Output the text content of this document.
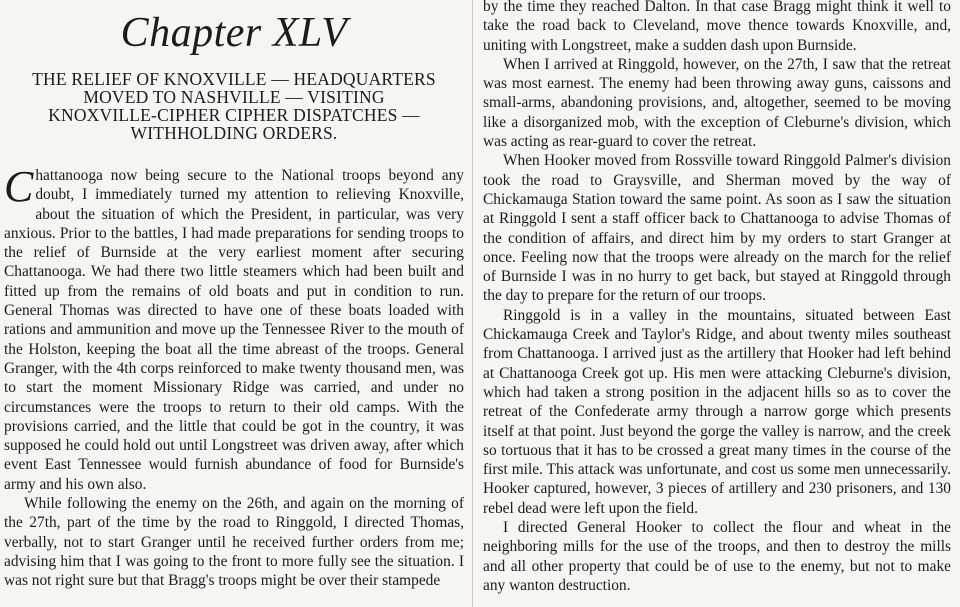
Chapter XLV
THE RELIEF OF KNOXVILLE — HEADQUARTERS
MOVED TO NASHVILLE — VISITING
KNOXVILLE-CIPHER CIPHER DISPATCHES —
WITHHOLDING ORDERS.

Chattanooga now being secure to the National troops beyond any doubt, I immediately turned my attention to relieving Knoxville, about the situation of which the President, in particular, was very anxious. Prior to the battles, I had made preparations for sending troops to the relief of Burnside at the very earliest moment after securing Chattanooga. We had there two little steamers which had been built and fitted up from the remains of old boats and put in condition to run. General Thomas was directed to have one of these boats loaded with rations and ammunition and move up the Tennessee River to the mouth of the Holston, keeping the boat all the time abreast of the troops. General Granger, with the 4th corps reinforced to make twenty thousand men, was to start the moment Missionary Ridge was carried, and under no circumstances were the troops to return to their old camps. With the provisions carried, and the little that could be got in the country, it was supposed he could hold out until Longstreet was driven away, after which event East Tennessee would furnish abundance of food for Burnside's army and his own also.

While following the enemy on the 26th, and again on the morning of the 27th, part of the time by the road to Ringgold, I directed Thomas, verbally, not to start Granger until he received further orders from me; advising him that I was going to the front to more fully see the situation. I was not right sure but that Bragg's troops might be over their stampede

by the time they reached Dalton. In that case Bragg might think it well to take the road back to Cleveland, move thence towards Knoxville, and, uniting with Longstreet, make a sudden dash upon Burnside.

When I arrived at Ringgold, however, on the 27th, I saw that the retreat was most earnest. The enemy had been throwing away guns, caissons and small-arms, abandoning provisions, and, altogether, seemed to be moving like a disorganized mob, with the exception of Cleburne's division, which was acting as rear-guard to cover the retreat.

When Hooker moved from Rossville toward Ringgold Palmer's division took the road to Graysville, and Sherman moved by the way of Chickamauga Station toward the same point. As soon as I saw the situation at Ringgold I sent a staff officer back to Chattanooga to advise Thomas of the condition of affairs, and direct him by my orders to start Granger at once. Feeling now that the troops were already on the march for the relief of Burnside I was in no hurry to get back, but stayed at Ringgold through the day to prepare for the return of our troops.

Ringgold is in a valley in the mountains, situated between East Chickamauga Creek and Taylor's Ridge, and about twenty miles southeast from Chattanooga. I arrived just as the artillery that Hooker had left behind at Chattanooga Creek got up. His men were attacking Cleburne's division, which had taken a strong position in the adjacent hills so as to cover the retreat of the Confederate army through a narrow gorge which presents itself at that point. Just beyond the gorge the valley is narrow, and the creek so tortuous that it has to be crossed a great many times in the course of the first mile. This attack was unfortunate, and cost us some men unnecessarily. Hooker captured, however, 3 pieces of artillery and 230 prisoners, and 130 rebel dead were left upon the field.

I directed General Hooker to collect the flour and wheat in the neighboring mills for the use of the troops, and then to destroy the mills and all other property that could be of use to the enemy, but not to make any wanton destruction.
